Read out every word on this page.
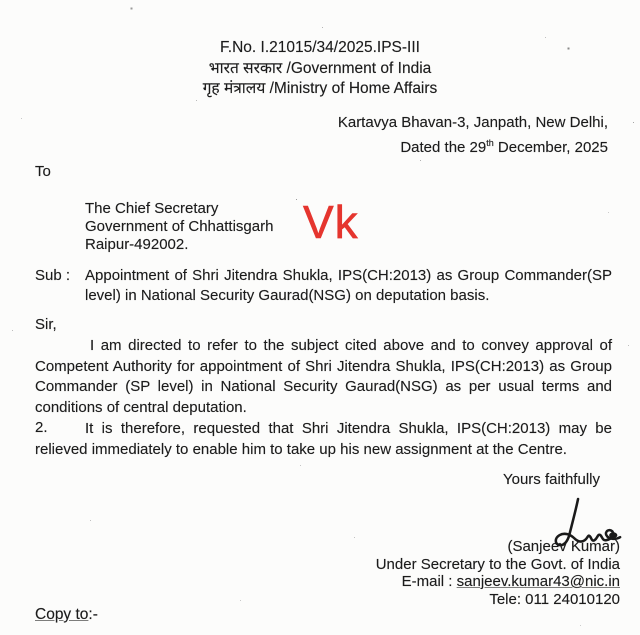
F.No. I.21015/34/2025.IPS-III
भारत सरकार /Government of India
गृह मंत्रालय /Ministry of Home Affairs
Kartavya Bhavan-3, Janpath, New Delhi,
Dated the 29th December, 2025
To
The Chief Secretary
Government of Chhattisgarh
Raipur-492002.	Vk
Sub : Appointment of Shri Jitendra Shukla, IPS(CH:2013) as Group Commander(SP level) in National Security Gaurad(NSG) on deputation basis.
Sir,

I am directed to refer to the subject cited above and to convey approval of Competent Authority for appointment of Shri Jitendra Shukla, IPS(CH:2013) as Group Commander (SP level) in National Security Gaurad(NSG) as per usual terms and conditions of central deputation.

2.	It is therefore, requested that Shri Jitendra Shukla, IPS(CH:2013) may be relieved immediately to enable him to take up his new assignment at the Centre.

Yours faithfully
(Sanjeev Kumar)
Under Secretary to the Govt. of India
E-mail : sanjeev.kumar43@nic.in
Tele: 011 24010120
Copy to:-
